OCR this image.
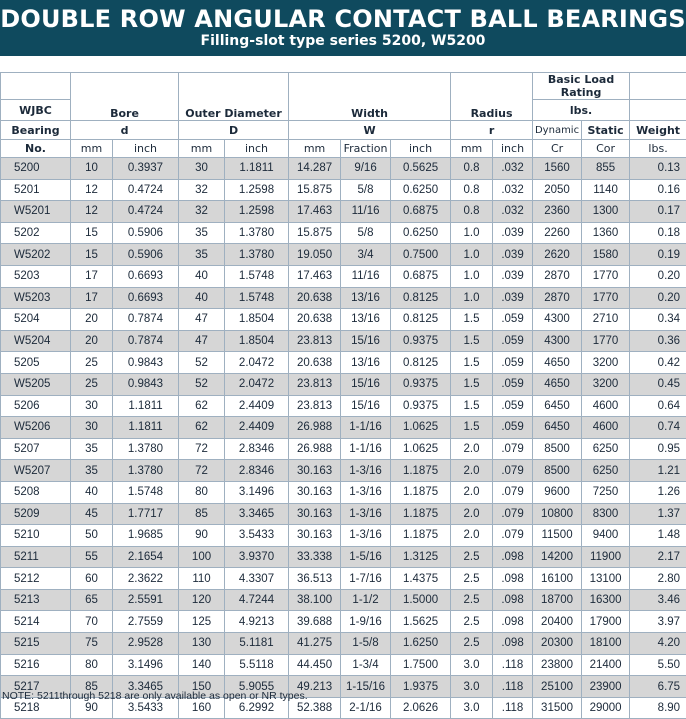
DOUBLE ROW ANGULAR CONTACT BALL BEARINGS
Filling-slot type series 5200, W5200
	Bore		Outer Diameter		Width			Radius		Basic Load Rating		
WJBC										lbs.		
Bearing	d		D		W			r		Dynamic	Static	Weight
No.	mm	inch	mm	inch	mm	Fraction	inch	mm	inch	Cr	Cor	lbs.
5200	10	0.3937	30	1.1811	14.287	9/16	0.5625	0.8	.032	1560	855	0.13
5201	12	0.4724	32	1.2598	15.875	5/8	0.6250	0.8	.032	2050	1140	0.16
W5201	12	0.4724	32	1.2598	17.463	11/16	0.6875	0.8	.032	2360	1300	0.17
5202	15	0.5906	35	1.3780	15.875	5/8	0.6250	1.0	.039	2260	1360	0.18
W5202	15	0.5906	35	1.3780	19.050	3/4	0.7500	1.0	.039	2620	1580	0.19
5203	17	0.6693	40	1.5748	17.463	11/16	0.6875	1.0	.039	2870	1770	0.20
W5203	17	0.6693	40	1.5748	20.638	13/16	0.8125	1.0	.039	2870	1770	0.20
5204	20	0.7874	47	1.8504	20.638	13/16	0.8125	1.5	.059	4300	2710	0.34
W5204	20	0.7874	47	1.8504	23.813	15/16	0.9375	1.5	.059	4300	1770	0.36
5205	25	0.9843	52	2.0472	20.638	13/16	0.8125	1.5	.059	4650	3200	0.42
W5205	25	0.9843	52	2.0472	23.813	15/16	0.9375	1.5	.059	4650	3200	0.45
5206	30	1.1811	62	2.4409	23.813	15/16	0.9375	1.5	.059	6450	4600	0.64
W5206	30	1.1811	62	2.4409	26.988	1-1/16	1.0625	1.5	.059	6450	4600	0.74
5207	35	1.3780	72	2.8346	26.988	1-1/16	1.0625	2.0	.079	8500	6250	0.95
W5207	35	1.3780	72	2.8346	30.163	1-3/16	1.1875	2.0	.079	8500	6250	1.21
5208	40	1.5748	80	3.1496	30.163	1-3/16	1.1875	2.0	.079	9600	7250	1.26
5209	45	1.7717	85	3.3465	30.163	1-3/16	1.1875	2.0	.079	10800	8300	1.37
5210	50	1.9685	90	3.5433	30.163	1-3/16	1.1875	2.0	.079	11500	9400	1.48
5211	55	2.1654	100	3.9370	33.338	1-5/16	1.3125	2.5	.098	14200	11900	2.17
5212	60	2.3622	110	4.3307	36.513	1-7/16	1.4375	2.5	.098	16100	13100	2.80
5213	65	2.5591	120	4.7244	38.100	1-1/2	1.5000	2.5	.098	18700	16300	3.46
5214	70	2.7559	125	4.9213	39.688	1-9/16	1.5625	2.5	.098	20400	17900	3.97
5215	75	2.9528	130	5.1181	41.275	1-5/8	1.6250	2.5	.098	20300	18100	4.20
5216	80	3.1496	140	5.5118	44.450	1-3/4	1.7500	3.0	.118	23800	21400	5.50
5217	85	3.3465	150	5.9055	49.213	1-15/16	1.9375	3.0	.118	25100	23900	6.75
5218	90	3.5433	160	6.2992	52.388	2-1/16	2.0626	3.0	.118	31500	29000	8.90
NOTE: 5211through 5218 are only available as open or NR types.
